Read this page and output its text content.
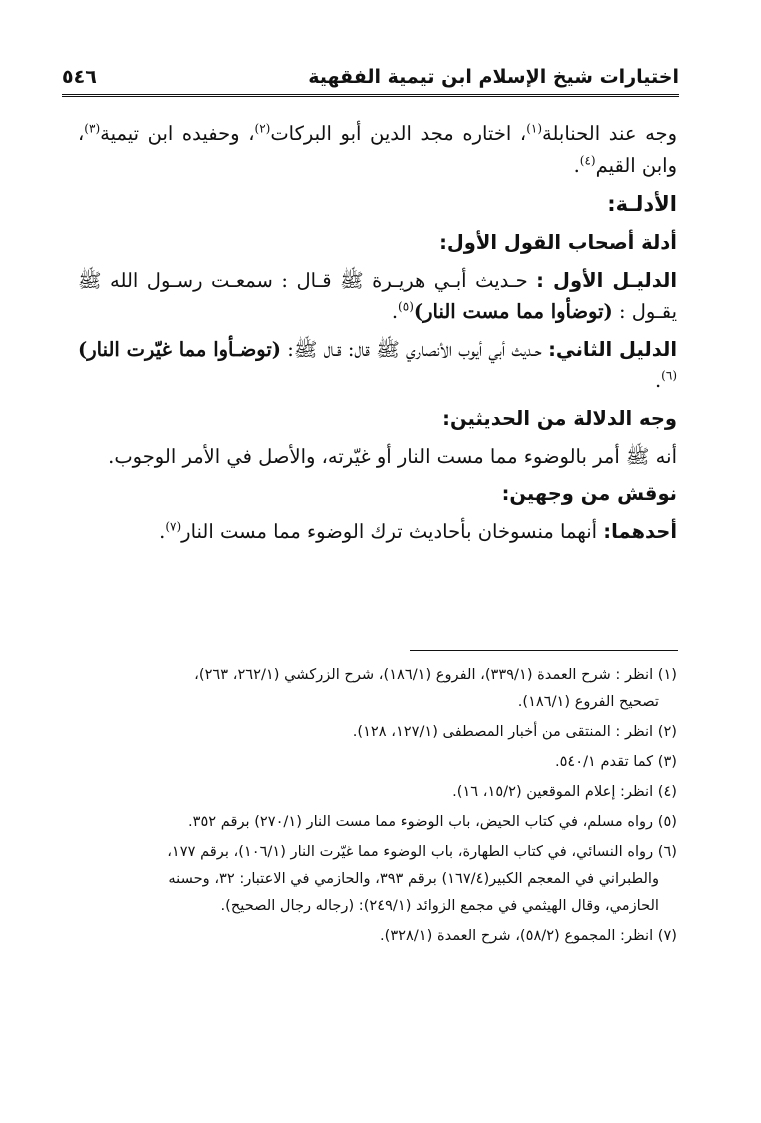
اختيارات شيخ الإسلام ابن تيمية الفقهية
٥٤٦

وجه عند الحنابلة$^{(١)}$، اختاره مجد الدين أبو البركات$^{(٢)}$، وحفيده ابن تيمية$^{(٣)}$، وابن القيم$^{(٤)}$.

الأدلـة:

أدلة أصحاب القول الأول:

الدليـل الأول : حـديث أبـي هريـرة ﷺ قـال : سمعـت رسـول الله ﷺ يقـول : (توضأوا مما مست النار)$^{(٥)}$.

الدليل الثاني: حـديث أبي أيوب الأنصاري ﷺ قال: قـال ﷺ: (توضـأوا مما غيّرت النار)$^{(٦)}$.

وجه الدلالة من الحديثين:

أنه ﷺ أمر بالوضوء مما مست النار أو غيّرته، والأصل في الأمر الوجوب.

نوقش من وجهين:

أحدهما: أنهما منسوخان بأحاديث ترك الوضوء مما مست النار$^{(٧)}$.

(١) انظر : شرح العمدة (٣٣٩/١)، الفروع (١٨٦/١)، شرح الزركشي (٢٦٢/١، ٢٦٣)،
تصحيح الفروع (١٨٦/١).
(٢) انظر : المنتقى من أخبار المصطفى (١٢٧/١، ١٢٨).
(٣) كما تقدم ٥٤٠/١.
(٤) انظر: إعلام الموقعين (١٥/٢، ١٦).
(٥) رواه مسلم، في كتاب الحيض، باب الوضوء مما مست النار (٢٧٠/١) برقم ٣٥٢.
(٦) رواه النسائي، في كتاب الطهارة، باب الوضوء مما غيّرت النار (١٠٦/١)، برقم ١٧٧،
والطبراني في المعجم الكبير(١٦٧/٤) برقم ٣٩٣، والحازمي في الاعتبار: ٣٢، وحسنه
الحازمي، وقال الهيثمي في مجمع الزوائد (٢٤٩/١): (رجاله رجال الصحيح).
(٧) انظر: المجموع (٥٨/٢)، شرح العمدة (٣٢٨/١).
